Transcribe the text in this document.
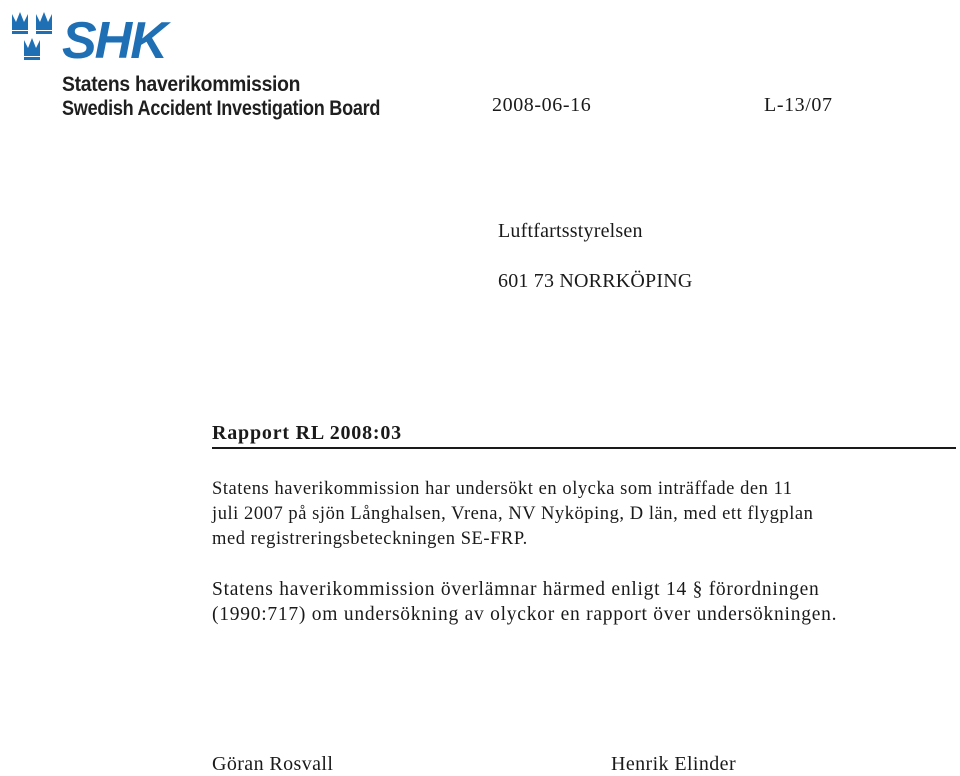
SHK
Statens haverikommission
Swedish Accident Investigation Board	2008-06-16	L-13/07
Luftfartsstyrelsen
601 73 NORRKÖPING
Rapport RL 2008:03
Statens haverikommission har undersökt en olycka som inträffade den 11
juli 2007 på sjön Långhalsen, Vrena, NV Nyköping, D län, med ett flygplan
med registreringsbeteckningen SE-FRP.
Statens haverikommission överlämnar härmed enligt 14 § förordningen
(1990:717) om undersökning av olyckor en rapport över undersökningen.
Göran Rosvall	Henrik Elinder
